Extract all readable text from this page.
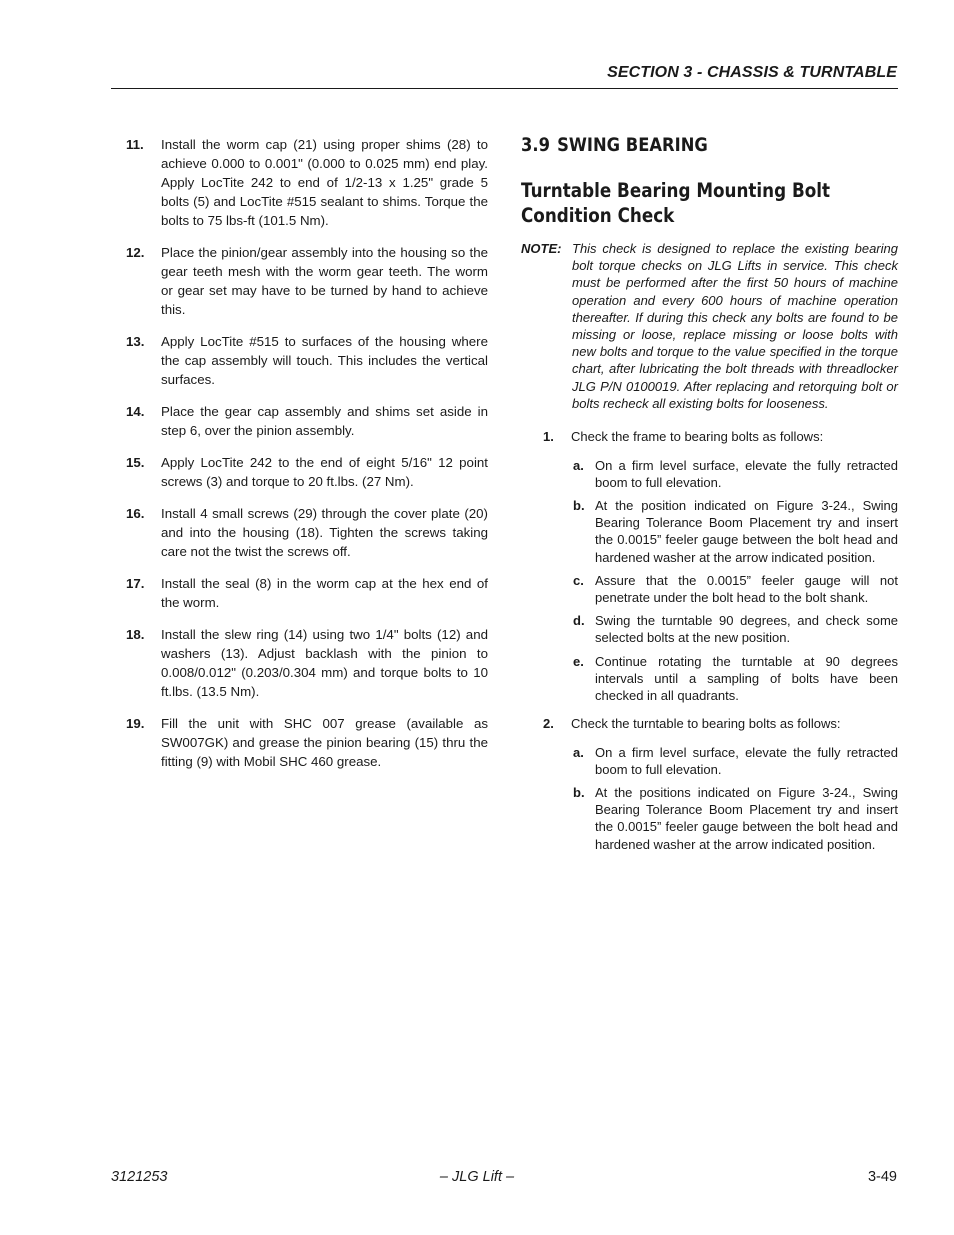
SECTION 3 - CHASSIS & TURNTABLE
11.	Install the worm cap (21) using proper shims (28) to achieve 0.000 to 0.001" (0.000 to 0.025 mm) end play. Apply LocTite 242 to end of 1/2-13 x 1.25" grade 5 bolts (5) and LocTite #515 sealant to shims. Torque the bolts to 75 lbs-ft (101.5 Nm).
12.	Place the pinion/gear assembly into the housing so the gear teeth mesh with the worm gear teeth. The worm or gear set may have to be turned by hand to achieve this.
13.	Apply LocTite #515 to surfaces of the housing where the cap assembly will touch. This includes the vertical surfaces.
14.	Place the gear cap assembly and shims set aside in step 6, over the pinion assembly.
15.	Apply LocTite 242 to the end of eight 5/16" 12 point screws (3) and torque to 20 ft.lbs. (27 Nm).
16.	Install 4 small screws (29) through the cover plate (20) and into the housing (18). Tighten the screws taking care not the twist the screws off.
17.	Install the seal (8) in the worm cap at the hex end of the worm.
18.	Install the slew ring (14) using two 1/4" bolts (12) and washers (13). Adjust backlash with the pinion to 0.008/0.012" (0.203/0.304 mm) and torque bolts to 10 ft.lbs. (13.5 Nm).
19.	Fill the unit with SHC 007 grease (available as SW007GK) and grease the pinion bearing (15) thru the fitting (9) with Mobil SHC 460 grease.
3.9 SWING BEARING
Turntable Bearing Mounting Bolt Condition Check
NOTE: This check is designed to replace the existing bearing bolt torque checks on JLG Lifts in service. This check must be performed after the first 50 hours of machine operation and every 600 hours of machine operation thereafter. If during this check any bolts are found to be missing or loose, replace missing or loose bolts with new bolts and torque to the value specified in the torque chart, after lubricating the bolt threads with threadlocker JLG P/N 0100019. After replacing and retorquing bolt or bolts recheck all existing bolts for looseness.
1.	Check the frame to bearing bolts as follows:
a. On a firm level surface, elevate the fully retracted boom to full elevation.
b. At the position indicated on Figure 3-24., Swing Bearing Tolerance Boom Placement try and insert the 0.0015” feeler gauge between the bolt head and hardened washer at the arrow indicated position.
c. Assure that the 0.0015” feeler gauge will not penetrate under the bolt head to the bolt shank.
d. Swing the turntable 90 degrees, and check some selected bolts at the new position.
e. Continue rotating the turntable at 90 degrees intervals until a sampling of bolts have been checked in all quadrants.
2.	Check the turntable to bearing bolts as follows:
a. On a firm level surface, elevate the fully retracted boom to full elevation.
b. At the positions indicated on Figure 3-24., Swing Bearing Tolerance Boom Placement try and insert the 0.0015” feeler gauge between the bolt head and hardened washer at the arrow indicated position.
3121253	– JLG Lift –	3-49
